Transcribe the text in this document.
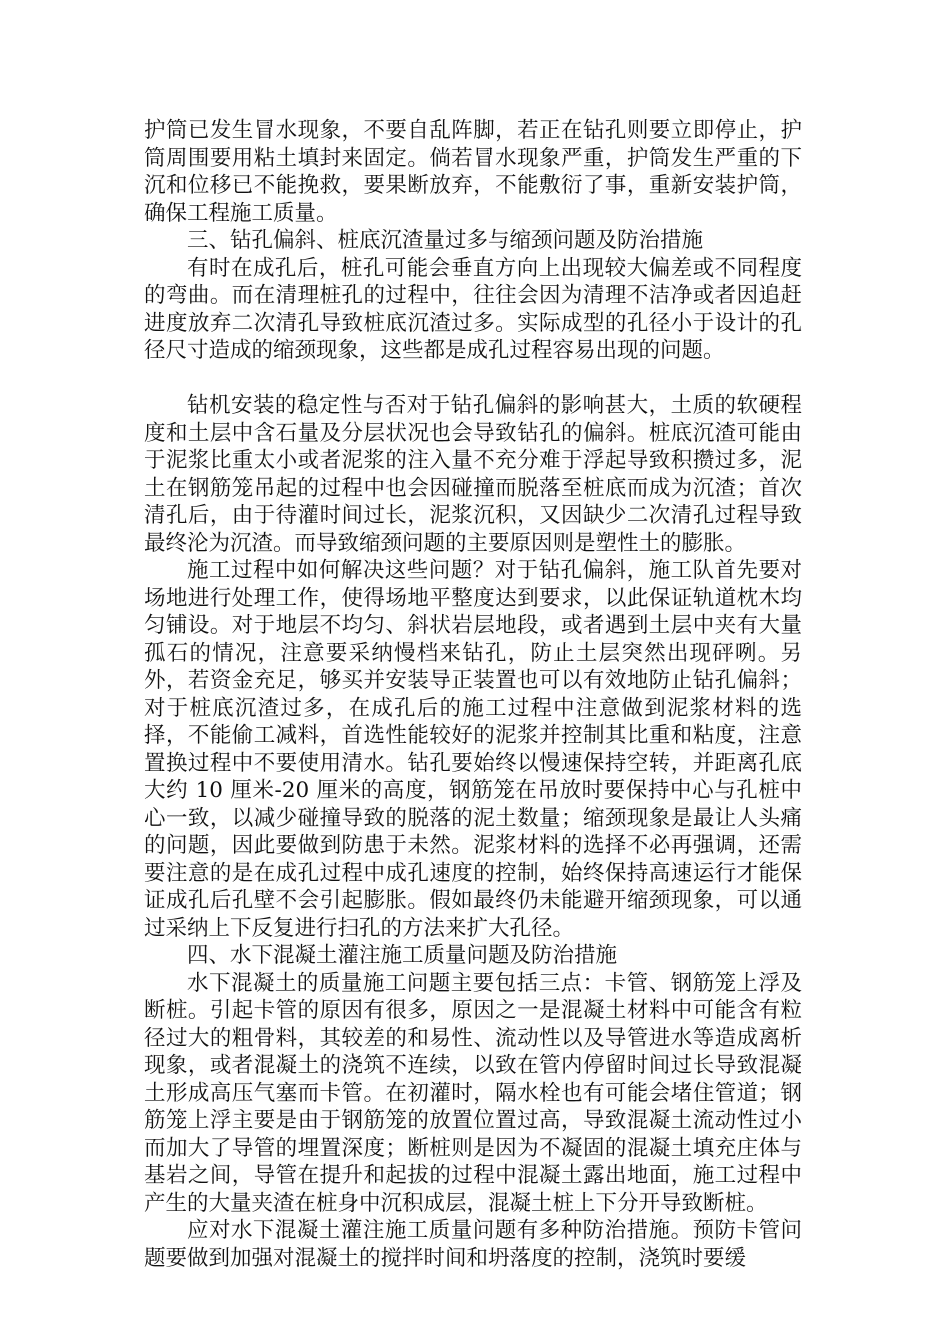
护筒已发生冒水现象，不要自乱阵脚，若正在钻孔则要立即停止，护筒周围要用粘土填封来固定。倘若冒水现象严重，护筒发生严重的下沉和位移已不能挽救，要果断放弃，不能敷衍了事，重新安装护筒，确保工程施工质量。

三、钻孔偏斜、桩底沉渣量过多与缩颈问题及防治措施

有时在成孔后，桩孔可能会垂直方向上出现较大偏差或不同程度的弯曲。而在清理桩孔的过程中，往往会因为清理不洁净或者因追赶进度放弃二次清孔导致桩底沉渣过多。实际成型的孔径小于设计的孔径尺寸造成的缩颈现象，这些都是成孔过程容易出现的问题。

钻机安装的稳定性与否对于钻孔偏斜的影响甚大，土质的软硬程度和土层中含石量及分层状况也会导致钻孔的偏斜。桩底沉渣可能由于泥浆比重太小或者泥浆的注入量不充分难于浮起导致积攒过多，泥土在钢筋笼吊起的过程中也会因碰撞而脱落至桩底而成为沉渣；首次清孔后，由于待灌时间过长，泥浆沉积，又因缺少二次清孔过程导致最终沦为沉渣。而导致缩颈问题的主要原因则是塑性土的膨胀。

施工过程中如何解决这些问题？对于钻孔偏斜，施工队首先要对场地进行处理工作，使得场地平整度达到要求，以此保证轨道枕木均匀铺设。对于地层不均匀、斜状岩层地段，或者遇到土层中夹有大量孤石的情况，注意要采纳慢档来钻孔，防止土层突然出现砰咧。另外，若资金充足，够买并安装导正装置也可以有效地防止钻孔偏斜；对于桩底沉渣过多，在成孔后的施工过程中注意做到泥浆材料的选择，不能偷工减料，首选性能较好的泥浆并控制其比重和粘度，注意置换过程中不要使用清水。钻孔要始终以慢速保持空转，并距离孔底大约 10 厘米-20 厘米的高度，钢筋笼在吊放时要保持中心与孔桩中心一致，以减少碰撞导致的脱落的泥土数量；缩颈现象是最让人头痛的问题，因此要做到防患于未然。泥浆材料的选择不必再强调，还需要注意的是在成孔过程中成孔速度的控制，始终保持高速运行才能保证成孔后孔壁不会引起膨胀。假如最终仍未能避开缩颈现象，可以通过采纳上下反复进行扫孔的方法来扩大孔径。

四、水下混凝土灌注施工质量问题及防治措施

水下混凝土的质量施工问题主要包括三点：卡管、钢筋笼上浮及断桩。引起卡管的原因有很多，原因之一是混凝土材料中可能含有粒径过大的粗骨料，其较差的和易性、流动性以及导管进水等造成离析现象，或者混凝土的浇筑不连续，以致在管内停留时间过长导致混凝土形成高压气塞而卡管。在初灌时，隔水栓也有可能会堵住管道；钢筋笼上浮主要是由于钢筋笼的放置位置过高，导致混凝土流动性过小而加大了导管的埋置深度；断桩则是因为不凝固的混凝土填充庄体与基岩之间，导管在提升和起拔的过程中混凝土露出地面，施工过程中产生的大量夹渣在桩身中沉积成层，混凝土桩上下分开导致断桩。

应对水下混凝土灌注施工质量问题有多种防治措施。预防卡管问题要做到加强对混凝土的搅拌时间和坍落度的控制，浇筑时要缓
